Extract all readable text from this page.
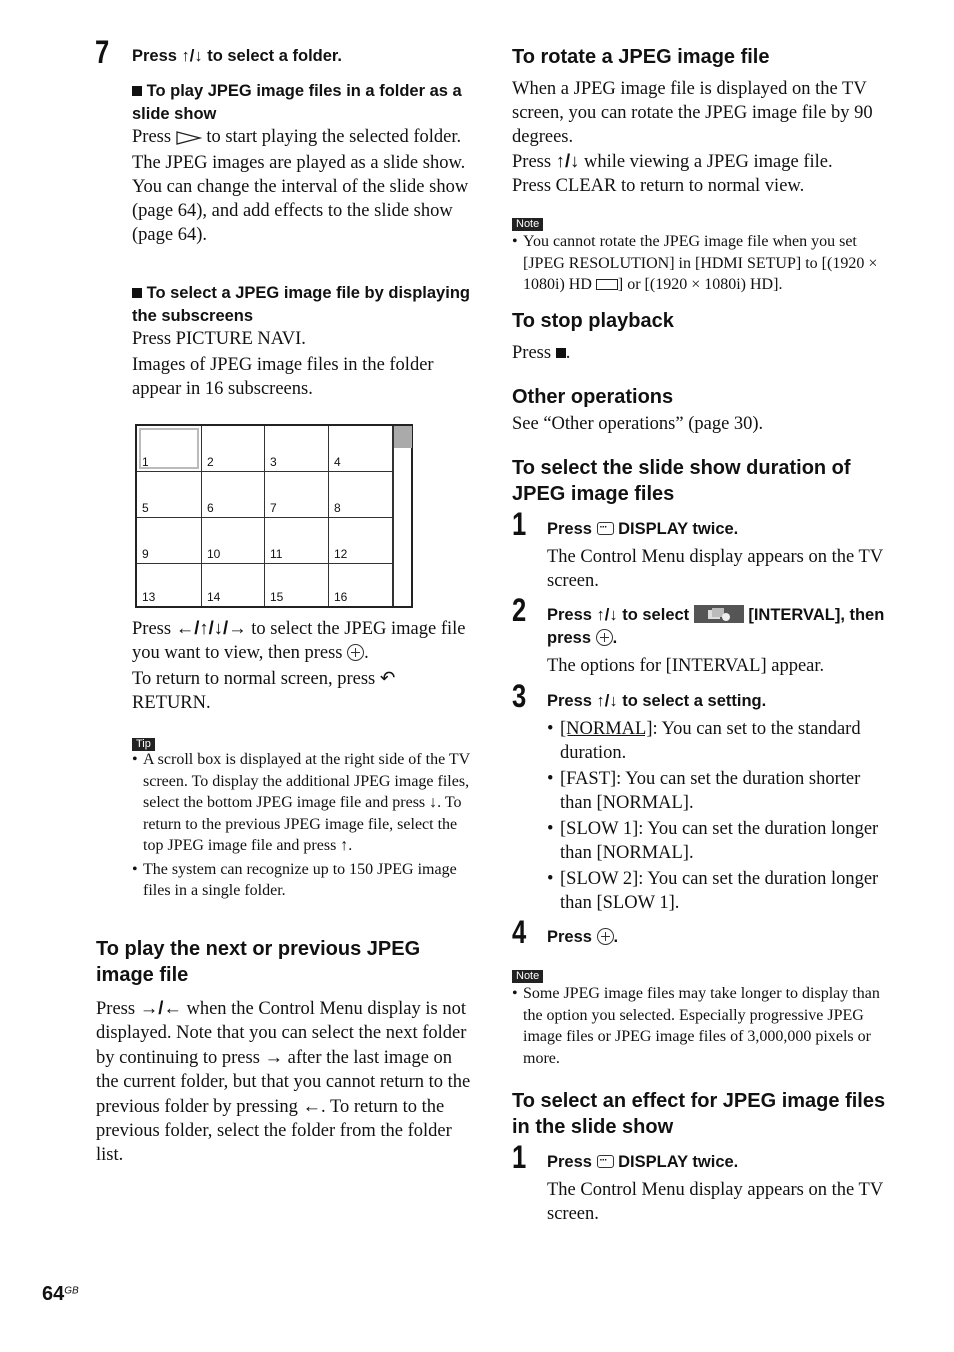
7 Press ↑/↓ to select a folder.
To play JPEG image files in a folder as a slide show
Press  to start playing the selected folder.
The JPEG images are played as a slide show. You can change the interval of the slide show (page 64), and add effects to the slide show (page 64).
To select a JPEG image file by displaying the subscreens
Press PICTURE NAVI.
Images of JPEG image files in the folder appear in 16 subscreens.
1	2	3	4
5	6	7	8
9	10	11	12
13	14	15	16
Press ←/↑/↓/→ to select the JPEG image file you want to view, then press .
To return to normal screen, press ↶ RETURN.
Tip
• A scroll box is displayed at the right side of the TV screen. To display the additional JPEG image files, select the bottom JPEG image file and press ↓. To return to the previous JPEG image file, select the top JPEG image file and press ↑.
• The system can recognize up to 150 JPEG image files in a single folder.
To play the next or previous JPEG image file
Press →/← when the Control Menu display is not displayed. Note that you can select the next folder by continuing to press → after the last image on the current folder, but that you cannot return to the previous folder by pressing ←. To return to the previous folder, select the folder from the folder list.
To rotate a JPEG image file
When a JPEG image file is displayed on the TV screen, you can rotate the JPEG image file by 90 degrees.
Press ↑/↓ while viewing a JPEG image file.
Press CLEAR to return to normal view.
Note
• You cannot rotate the JPEG image file when you set [JPEG RESOLUTION] in [HDMI SETUP] to [(1920 × 1080i) HD ] or [(1920 × 1080i) HD].
To stop playback
Press .
Other operations
See “Other operations” (page 30).
To select the slide show duration of JPEG image files
1 Press ··· DISPLAY twice.
The Control Menu display appears on the TV screen.
2 Press ↑/↓ to select	[INTERVAL], then press .
The options for [INTERVAL] appear.
3 Press ↑/↓ to select a setting.
• [NORMAL]: You can set to the standard duration.
• [FAST]: You can set the duration shorter than [NORMAL].
• [SLOW 1]: You can set the duration longer than [NORMAL].
• [SLOW 2]: You can set the duration longer than [SLOW 1].
4 Press .
Note
• Some JPEG image files may take longer to display than the option you selected. Especially progressive JPEG image files or JPEG image files of 3,000,000 pixels or more.
To select an effect for JPEG image files in the slide show
1 Press ··· DISPLAY twice.
The Control Menu display appears on the TV screen.
$64^{GB}$
